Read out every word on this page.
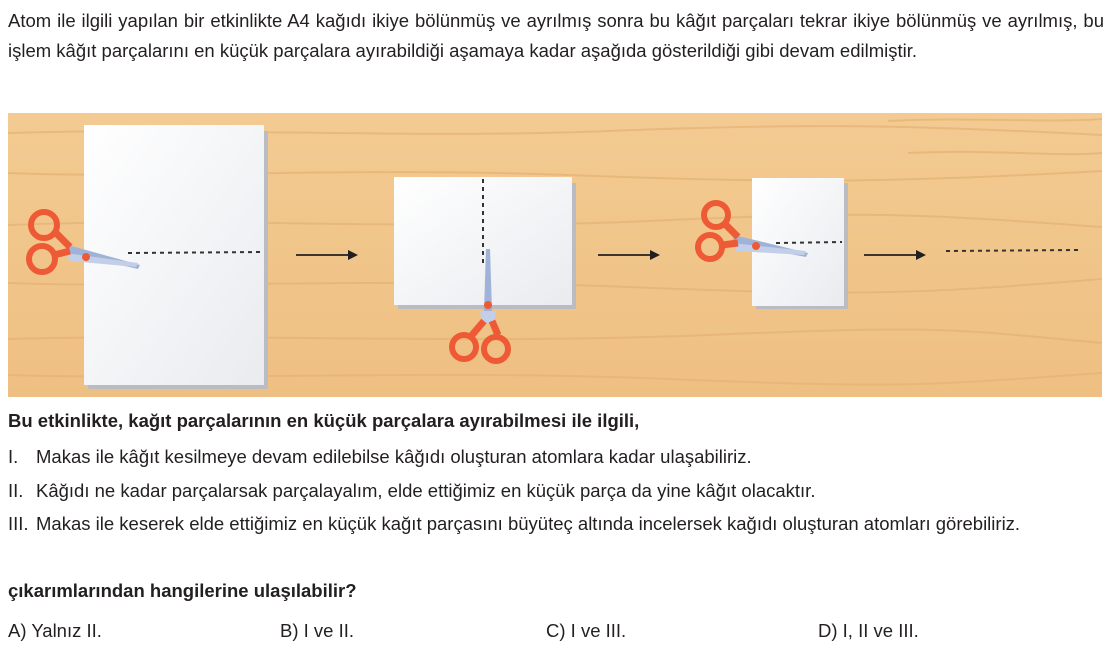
Atom ile ilgili yapılan bir etkinlikte A4 kağıdı ikiye bölünmüş ve ayrılmış sonra bu kâğıt parçaları tekrar ikiye bölünmüş ve ayrılmış, bu işlem kâğıt parçalarını en küçük parçalara ayırabildiği aşamaya kadar aşağıda gösterildiği gibi devam edilmiştir.
Bu etkinlikte, kağıt parçalarının en küçük parçalara ayırabilmesi ile ilgili,
I. Makas ile kâğıt kesilmeye devam edilebilse kâğıdı oluşturan atomlara kadar ulaşabiliriz.
II. Kâğıdı ne kadar parçalarsak parçalayalım, elde ettiğimiz en küçük parça da yine kâğıt olacaktır.
III. Makas ile keserek elde ettiğimiz en küçük kağıt parçasını büyüteç altında incelersek kağıdı oluşturan atomları görebiliriz.
çıkarımlarından hangilerine ulaşılabilir?
A) Yalnız II.	B) I ve II.	C) I ve III.	D) I, II ve III.
